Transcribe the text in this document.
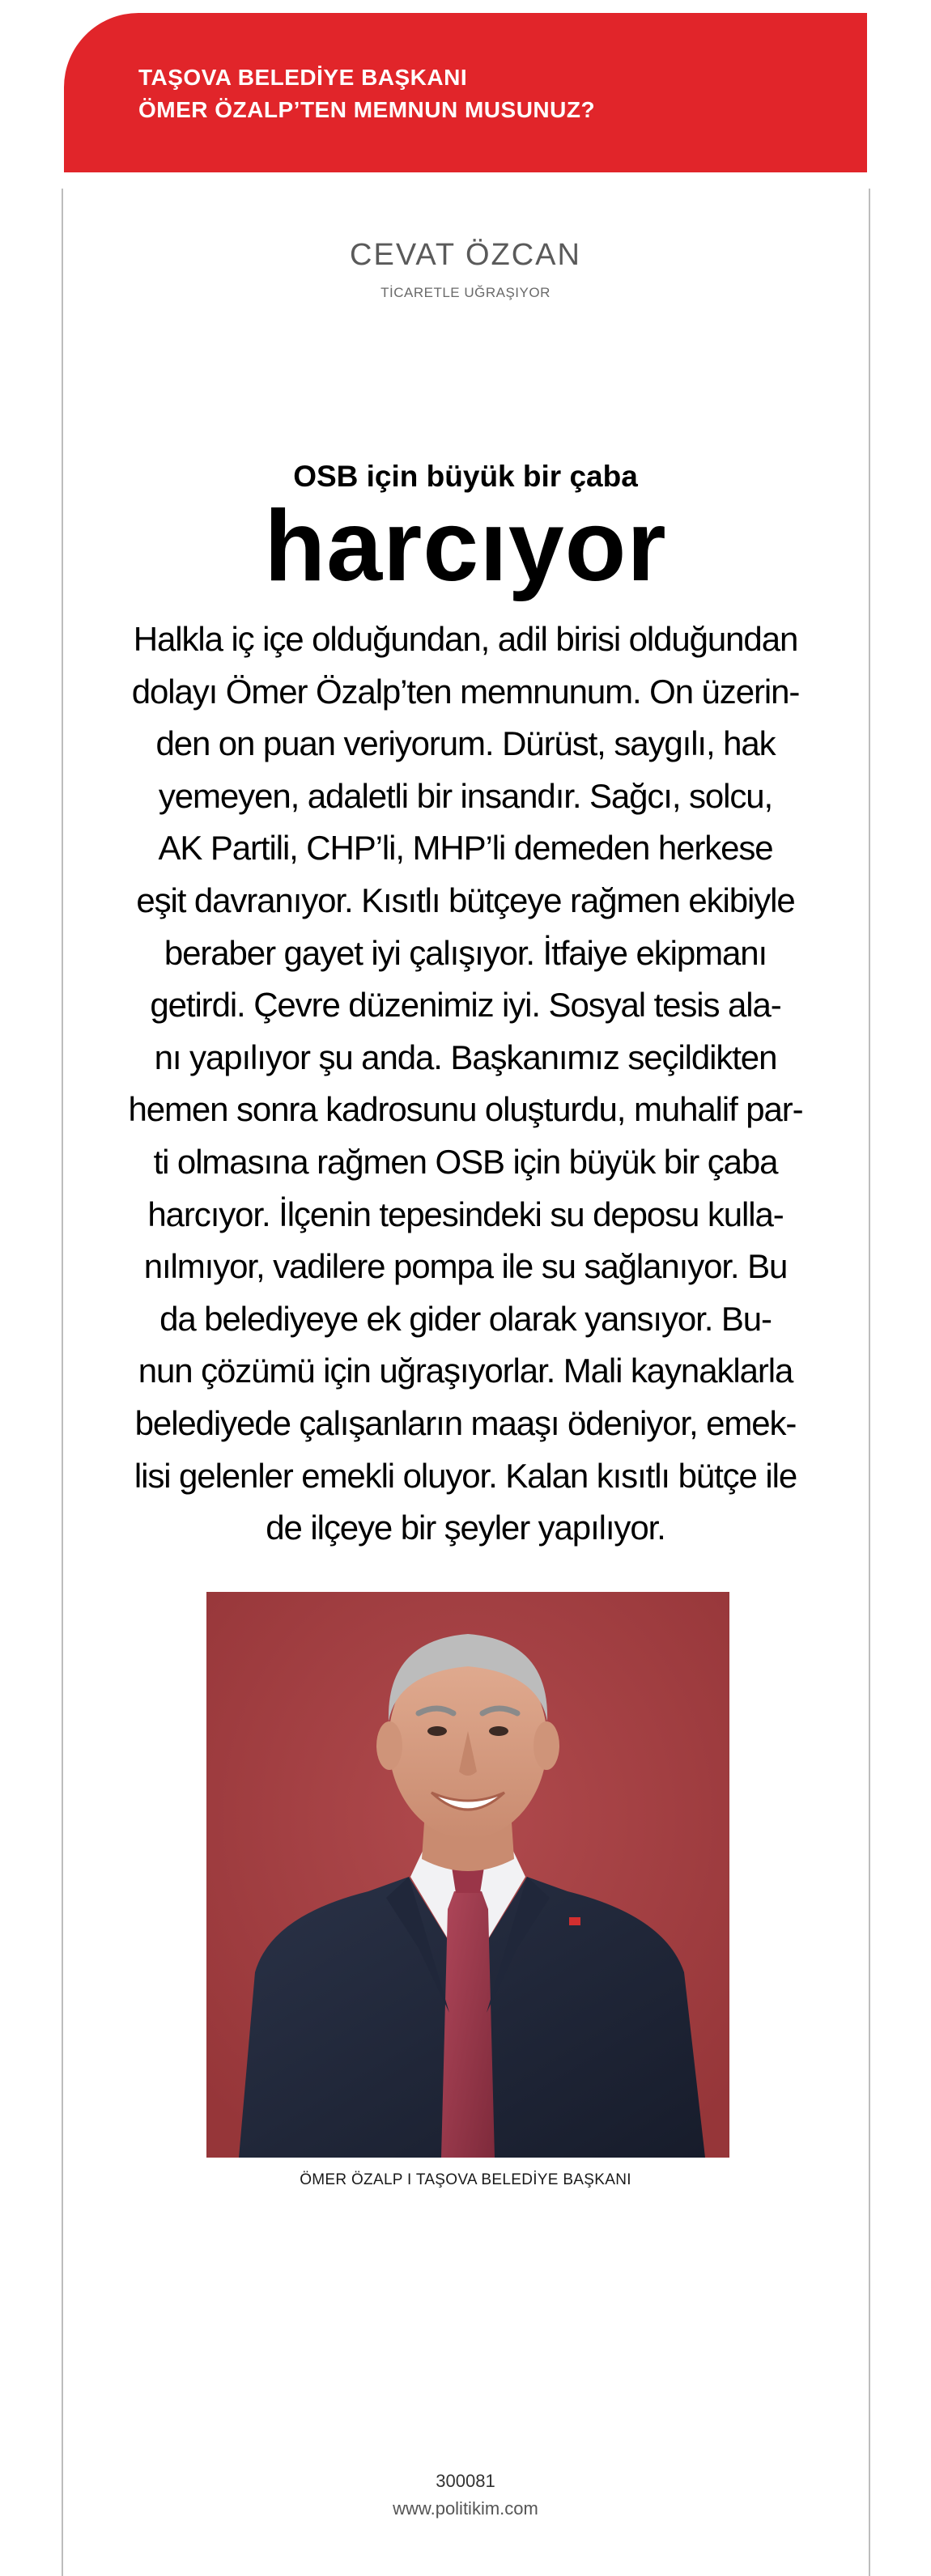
TAŞOVA BELEDİYE BAŞKANI
ÖMER ÖZALP’TEN MEMNUN MUSUNUZ?
CEVAT ÖZCAN
TİCARETLE UĞRAŞIYOR
OSB için büyük bir çaba
harcıyor

Halkla iç içe olduğundan, adil birisi olduğundan
dolayı Ömer Özalp’ten memnunum. On üzerin-
den on puan veriyorum. Dürüst, saygılı, hak
yemeyen, adaletli bir insandır. Sağcı, solcu,
AK Partili, CHP’li, MHP’li demeden herkese
eşit davranıyor. Kısıtlı bütçeye rağmen ekibiyle
beraber gayet iyi çalışıyor. İtfaiye ekipmanı
getirdi. Çevre düzenimiz iyi. Sosyal tesis ala-
nı yapılıyor şu anda. Başkanımız seçildikten
hemen sonra kadrosunu oluşturdu, muhalif par-
ti olmasına rağmen OSB için büyük bir çaba
harcıyor. İlçenin tepesindeki su deposu kulla-
nılmıyor, vadilere pompa ile su sağlanıyor. Bu
da belediyeye ek gider olarak yansıyor. Bu-
nun çözümü için uğraşıyorlar. Mali kaynaklarla
belediyede çalışanların maaşı ödeniyor, emek-
lisi gelenler emekli oluyor. Kalan kısıtlı bütçe ile
de ilçeye bir şeyler yapılıyor.

ÖMER ÖZALP I TAŞOVA BELEDİYE BAŞKANI
300081
www.politikim.com
